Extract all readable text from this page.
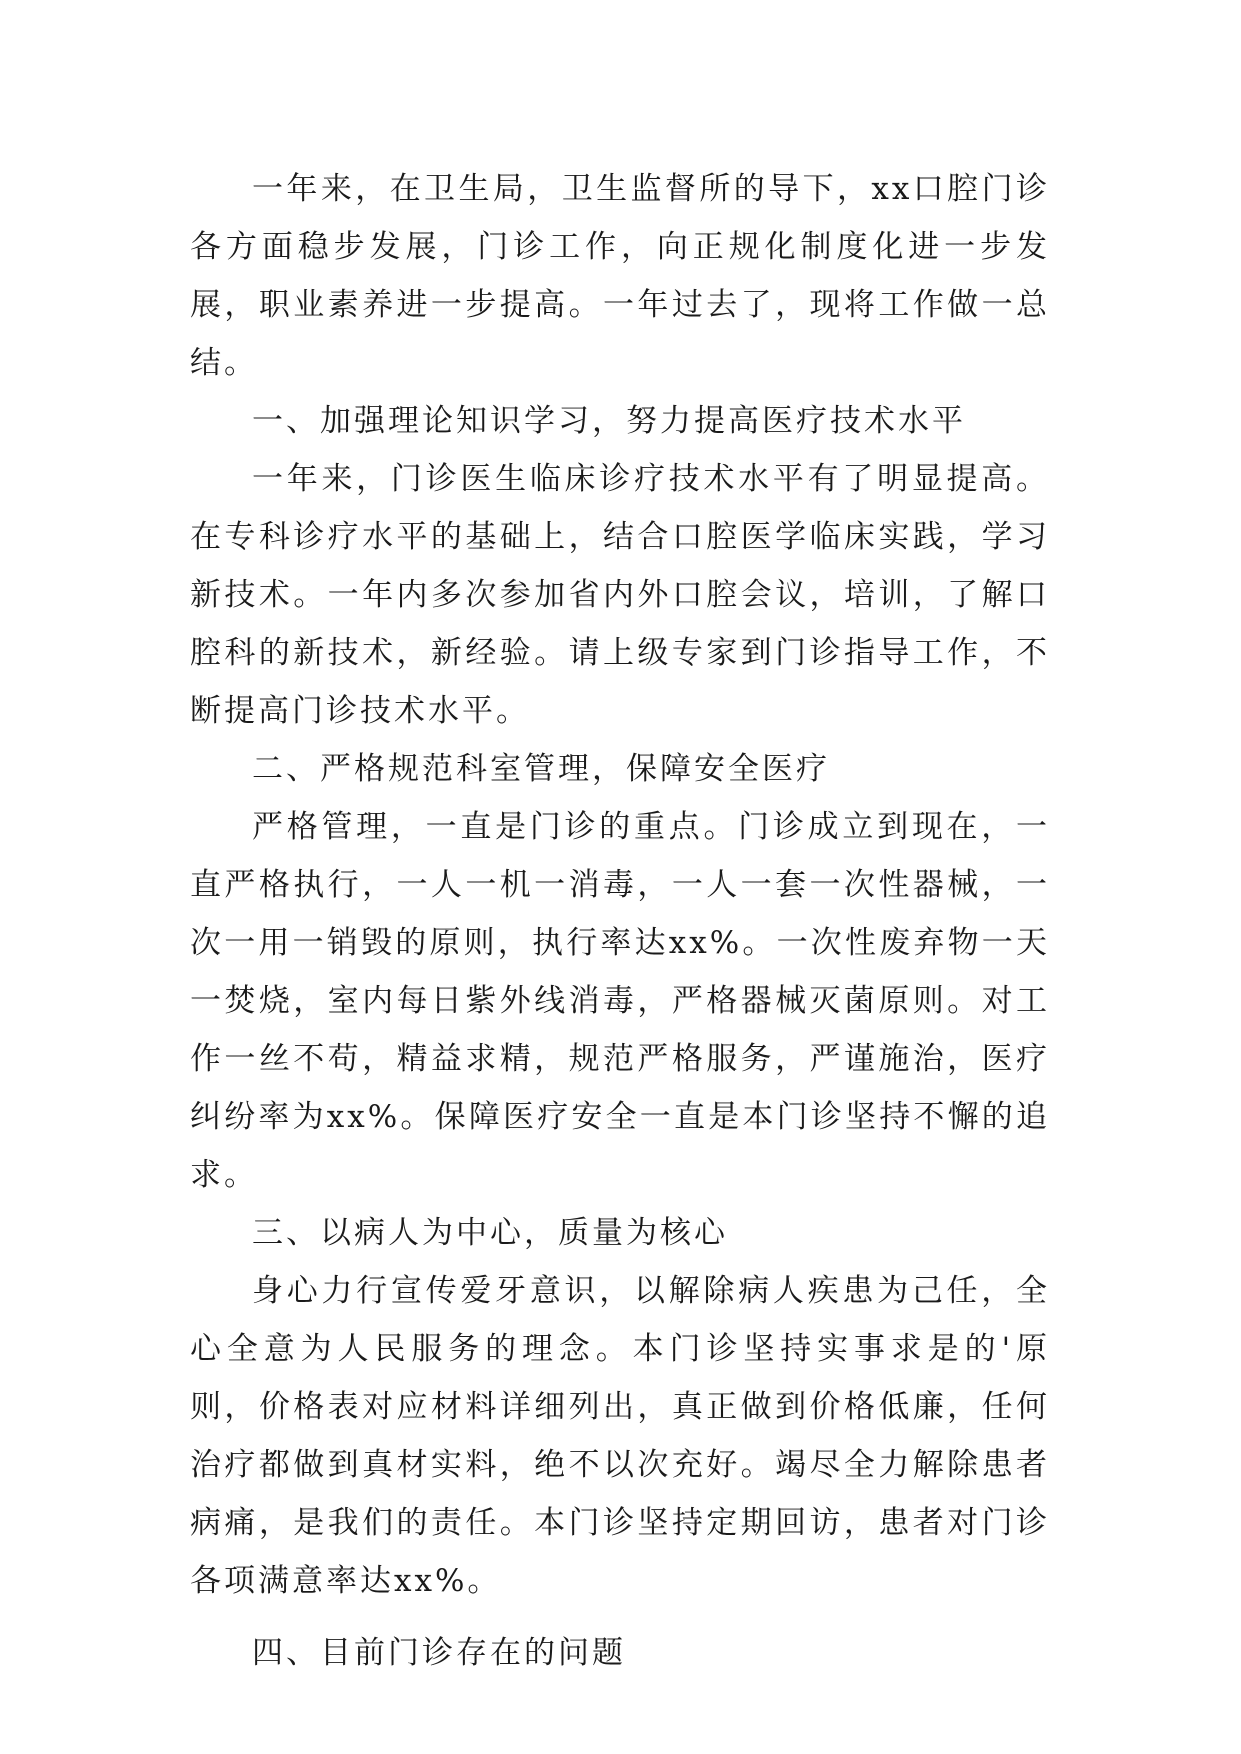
一年来，在卫生局，卫生监督所的导下，xx口腔门诊各方面稳步发展，门诊工作，向正规化制度化进一步发展，职业素养进一步提高。一年过去了，现将工作做一总结。

一、加强理论知识学习，努力提高医疗技术水平

一年来，门诊医生临床诊疗技术水平有了明显提高。在专科诊疗水平的基础上，结合口腔医学临床实践，学习新技术。一年内多次参加省内外口腔会议，培训，了解口腔科的新技术，新经验。请上级专家到门诊指导工作，不断提高门诊技术水平。

二、严格规范科室管理，保障安全医疗

严格管理，一直是门诊的重点。门诊成立到现在，一直严格执行，一人一机一消毒，一人一套一次性器械，一次一用一销毁的原则，执行率达xx%。一次性废弃物一天一焚烧，室内每日紫外线消毒，严格器械灭菌原则。对工作一丝不苟，精益求精，规范严格服务，严谨施治，医疗纠纷率为xx%。保障医疗安全一直是本门诊坚持不懈的追求。

三、以病人为中心，质量为核心

身心力行宣传爱牙意识，以解除病人疾患为己任，全心全意为人民服务的理念。本门诊坚持实事求是的'原则，价格表对应材料详细列出，真正做到价格低廉，任何治疗都做到真材实料，绝不以次充好。竭尽全力解除患者病痛，是我们的责任。本门诊坚持定期回访，患者对门诊各项满意率达xx%。

四、目前门诊存在的问题
